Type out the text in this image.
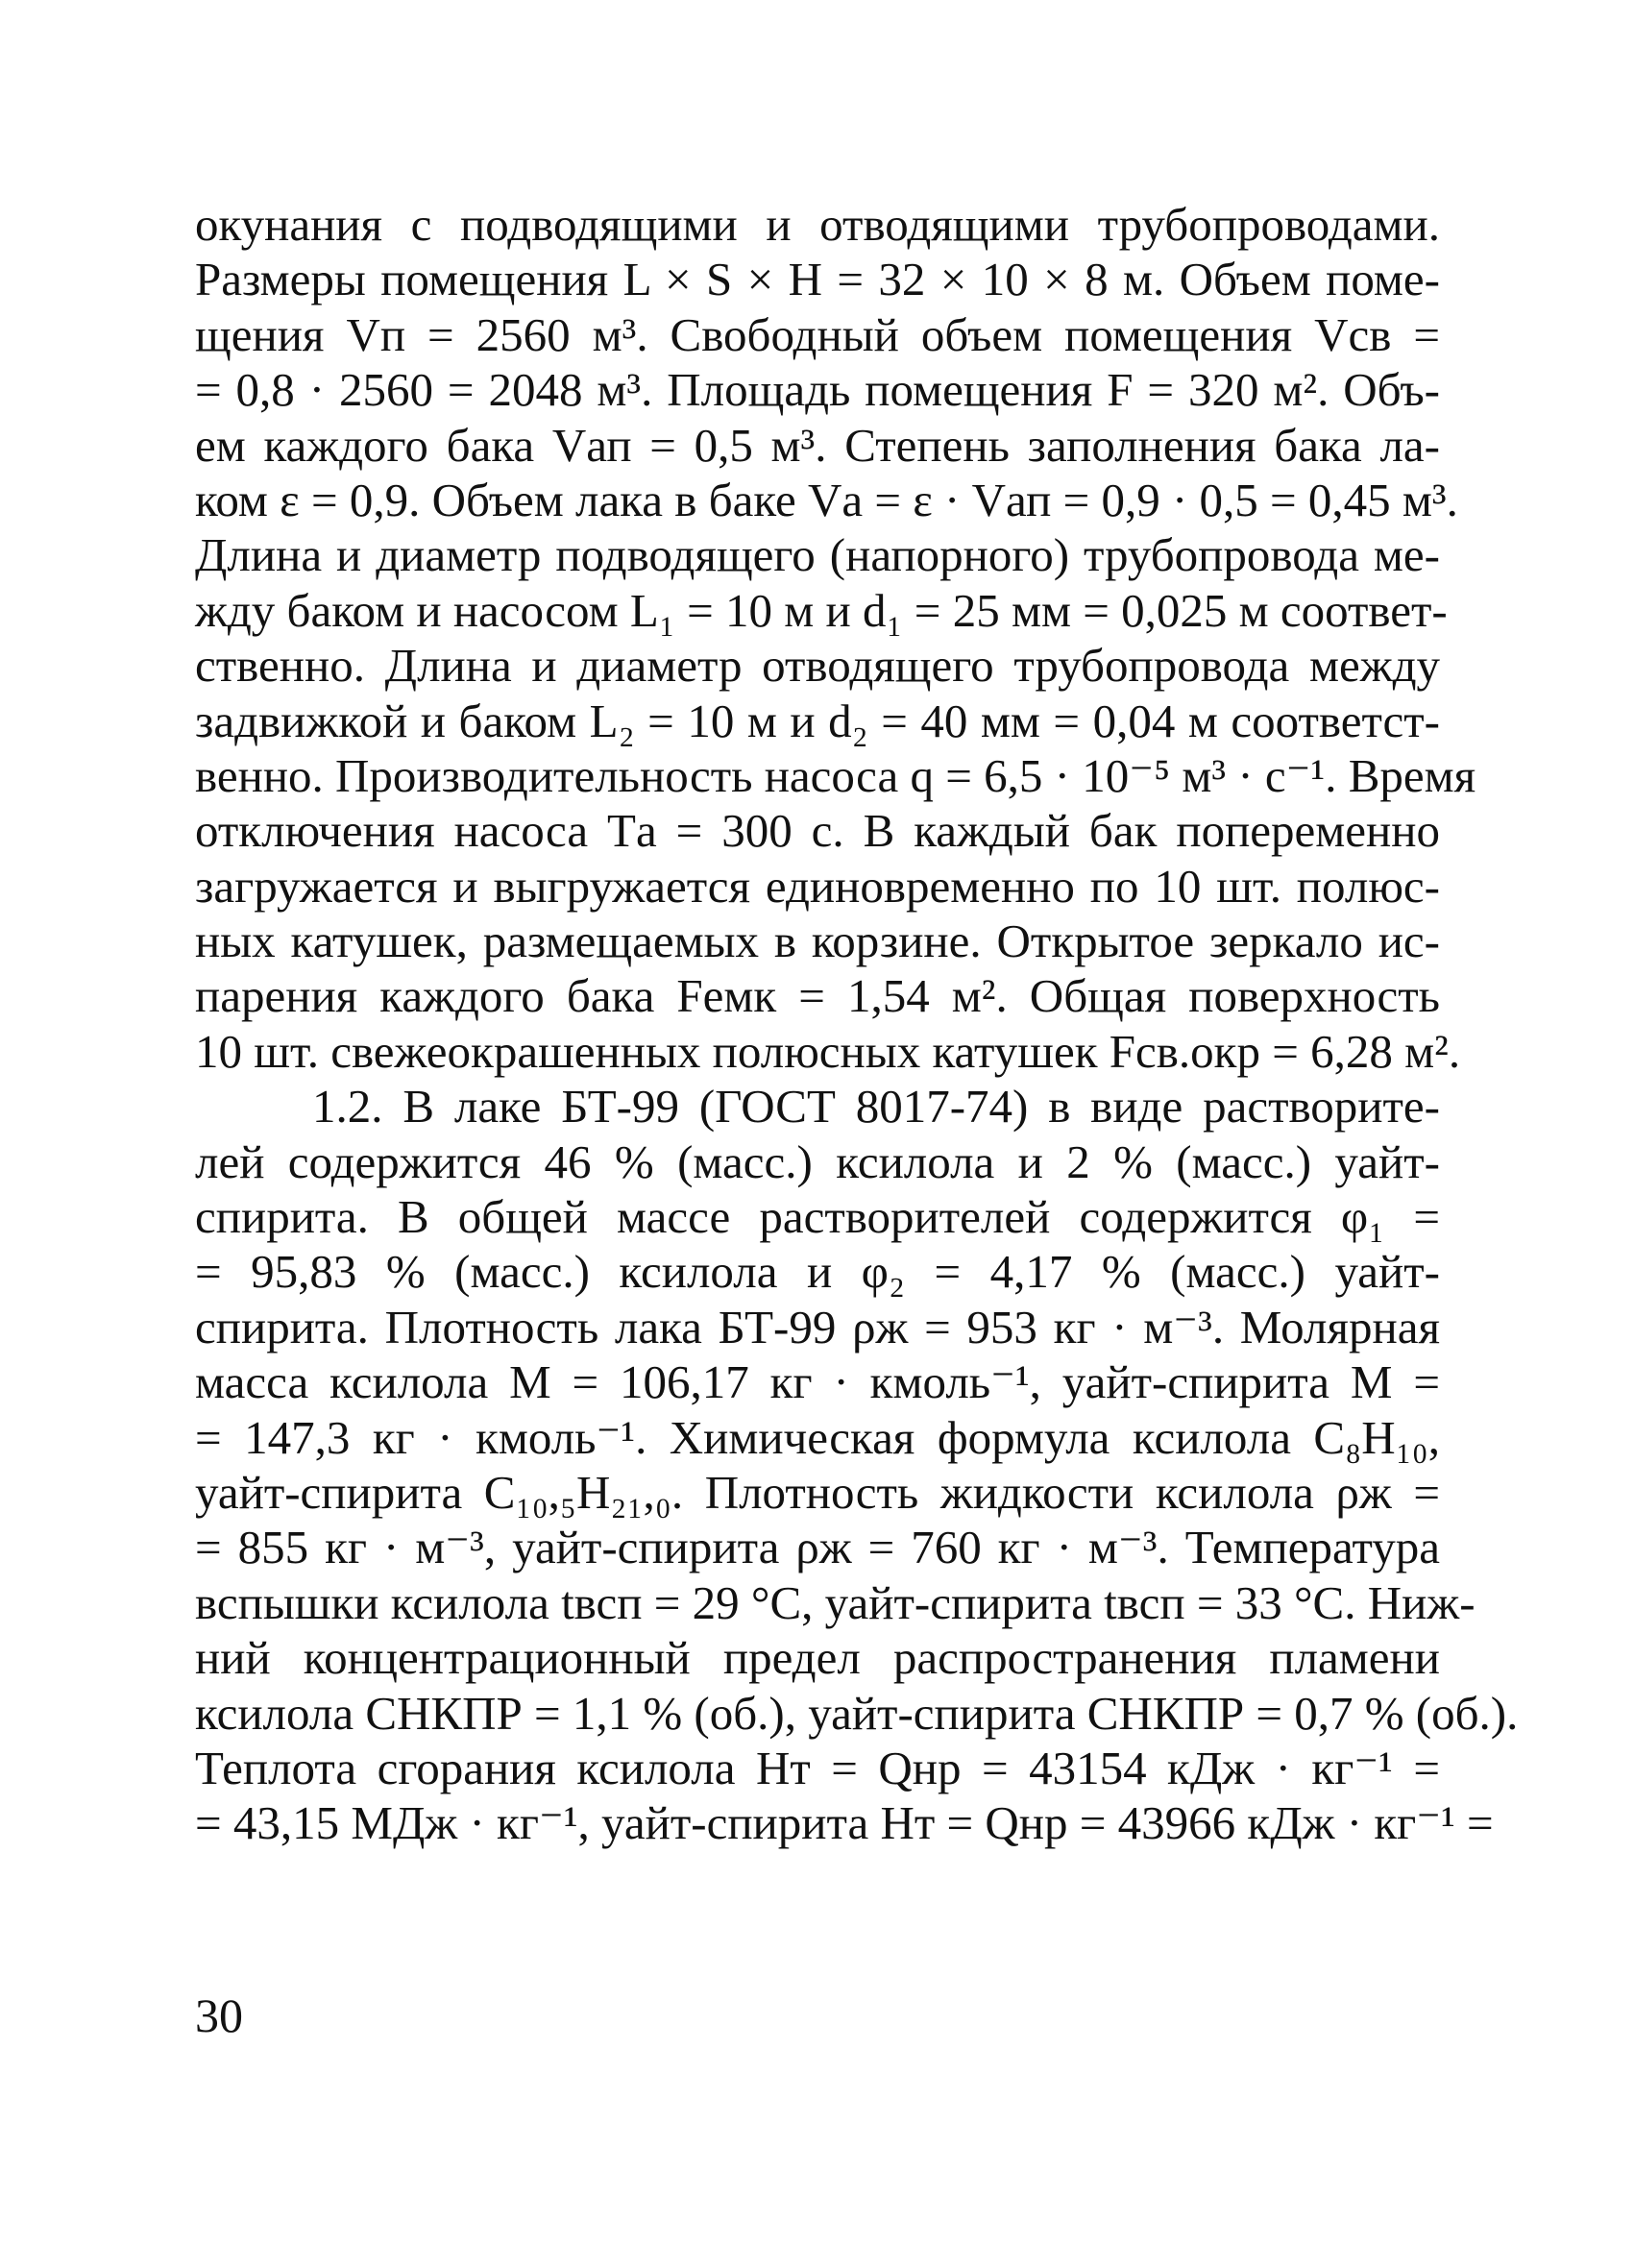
окунания с подводящими и отводящими трубопроводами.
Размеры помещения L × S × H = 32 × 10 × 8 м. Объем поме-
щения Vп = 2560 м³. Свободный объем помещения Vсв =
= 0,8 · 2560 = 2048 м³. Площадь помещения F = 320 м². Объ-
ем каждого бака Vап = 0,5 м³. Степень заполнения бака ла-
ком ε = 0,9. Объем лака в баке Vа = ε · Vап = 0,9 · 0,5 = 0,45 м³.
Длина и диаметр подводящего (напорного) трубопровода ме-
жду баком и насосом L₁ = 10 м и d₁ = 25 мм = 0,025 м соответ-
ственно. Длина и диаметр отводящего трубопровода между
задвижкой и баком L₂ = 10 м и d₂ = 40 мм = 0,04 м соответст-
венно. Производительность насоса q = 6,5 · 10⁻⁵ м³ · с⁻¹. Время
отключения насоса Tа = 300 с. В каждый бак попеременно
загружается и выгружается единовременно по 10 шт. полюс-
ных катушек, размещаемых в корзине. Открытое зеркало ис-
парения каждого бака Fемк = 1,54 м². Общая поверхность
10 шт. свежеокрашенных полюсных катушек Fсв.окр = 6,28 м².
1.2. В лаке БТ-99 (ГОСТ 8017-74) в виде растворите-
лей содержится 46 % (масс.) ксилола и 2 % (масс.) уайт-
спирита. В общей массе растворителей содержится φ₁ =
= 95,83 % (масс.) ксилола и φ₂ = 4,17 % (масс.) уайт-
спирита. Плотность лака БТ-99 ρж = 953 кг · м⁻³. Молярная
масса ксилола M = 106,17 кг · кмоль⁻¹, уайт-спирита M =
= 147,3 кг · кмоль⁻¹. Химическая формула ксилола C₈H₁₀,
уайт-спирита C₁₀,₅H₂₁,₀. Плотность жидкости ксилола ρж =
= 855 кг · м⁻³, уайт-спирита ρж = 760 кг · м⁻³. Температура
вспышки ксилола tвсп = 29 °С, уайт-спирита tвсп = 33 °С. Ниж-
ний концентрационный предел распространения пламени
ксилола CНКПР = 1,1 % (об.), уайт-спирита CНКПР = 0,7 % (об.).
Теплота сгорания ксилола Hт = Qнр = 43154 кДж · кг⁻¹ =
= 43,15 МДж · кг⁻¹, уайт-спирита Hт = Qнр = 43966 кДж · кг⁻¹ =
30
